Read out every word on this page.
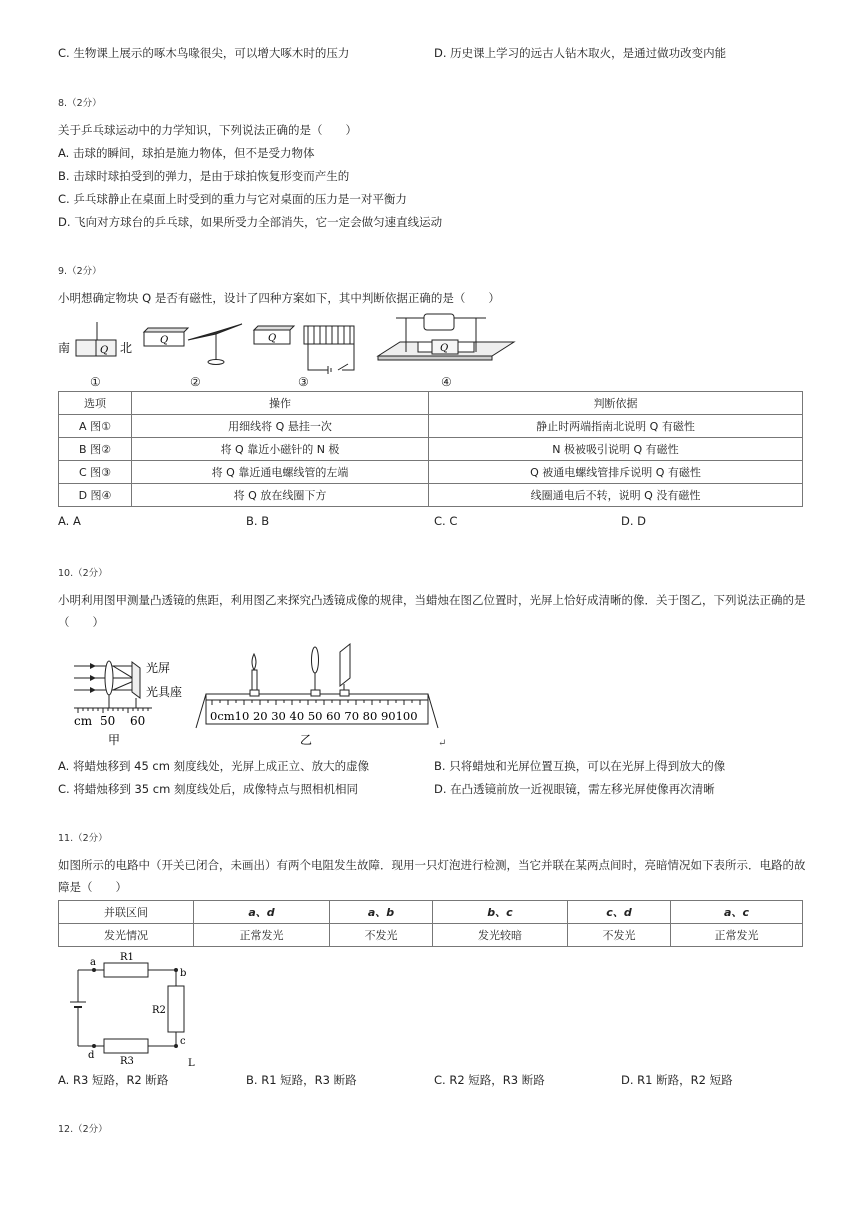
C. 生物课上展示的啄木鸟喙很尖，可以增大啄木时的压力	D. 历史课上学习的远古人钻木取火，是通过做功改变内能
8.（2分）
关于乒乓球运动中的力学知识，下列说法正确的是（　　）
A. 击球的瞬间，球拍是施力物体，但不是受力物体
B. 击球时球拍受到的弹力，是由于球拍恢复形变而产生的
C. 乒乓球静止在桌面上时受到的重力与它对桌面的压力是一对平衡力
D. 飞向对方球台的乒乓球，如果所受力全部消失，它一定会做匀速直线运动
9.（2分）
小明想确定物块 Q 是否有磁性，设计了四种方案如下，其中判断依据正确的是（　　）
南	北
Q
Q	Q
Q
①	②	③	④
选项	操作	判断依据
A 图①	用细线将 Q 悬挂一次	静止时两端指南北说明 Q 有磁性
B 图②	将 Q 靠近小磁针的 N 极	N 极被吸引说明 Q 有磁性
C 图③	将 Q 靠近通电螺线管的左端	Q 被通电螺线管排斥说明 Q 有磁性
D 图④	将 Q 放在线圈下方	线圈通电后不转，说明 Q 没有磁性
A. A	B. B	C. C	D. D
10.（2分）
小明利用图甲测量凸透镜的焦距，利用图乙来探究凸透镜成像的规律，当蜡烛在图乙位置时，光屏上恰好成清晰的像．关于图乙，下列说法正确的是
（　　）
光屏
光具座
cm 50 60
甲
0cm10 20 30 40 50 60 70 80 90100
乙	↵
A. 将蜡烛移到 45 cm 刻度线处，光屏上成正立、放大的虚像	B. 只将蜡烛和光屏位置互换，可以在光屏上得到放大的像
C. 将蜡烛移到 35 cm 刻度线处后，成像特点与照相机相同	D. 在凸透镜前放一近视眼镜，需左移光屏使像再次清晰
11.（2分）
如图所示的电路中（开关已闭合，未画出）有两个电阻发生故障．现用一只灯泡进行检测，当它并联在某两点间时，亮暗情况如下表所示．电路的故
障是（　　）
并联区间	a、d	a、b	b、c	c、d	a、c
发光情况	正常发光	不发光	发光较暗	不发光	正常发光
a
b
c
d
R1
R2
R3	L
A. R3 短路，R2 断路	B. R1 短路，R3 断路	C. R2 短路，R3 断路	D. R1 断路，R2 短路
12.（2分）
